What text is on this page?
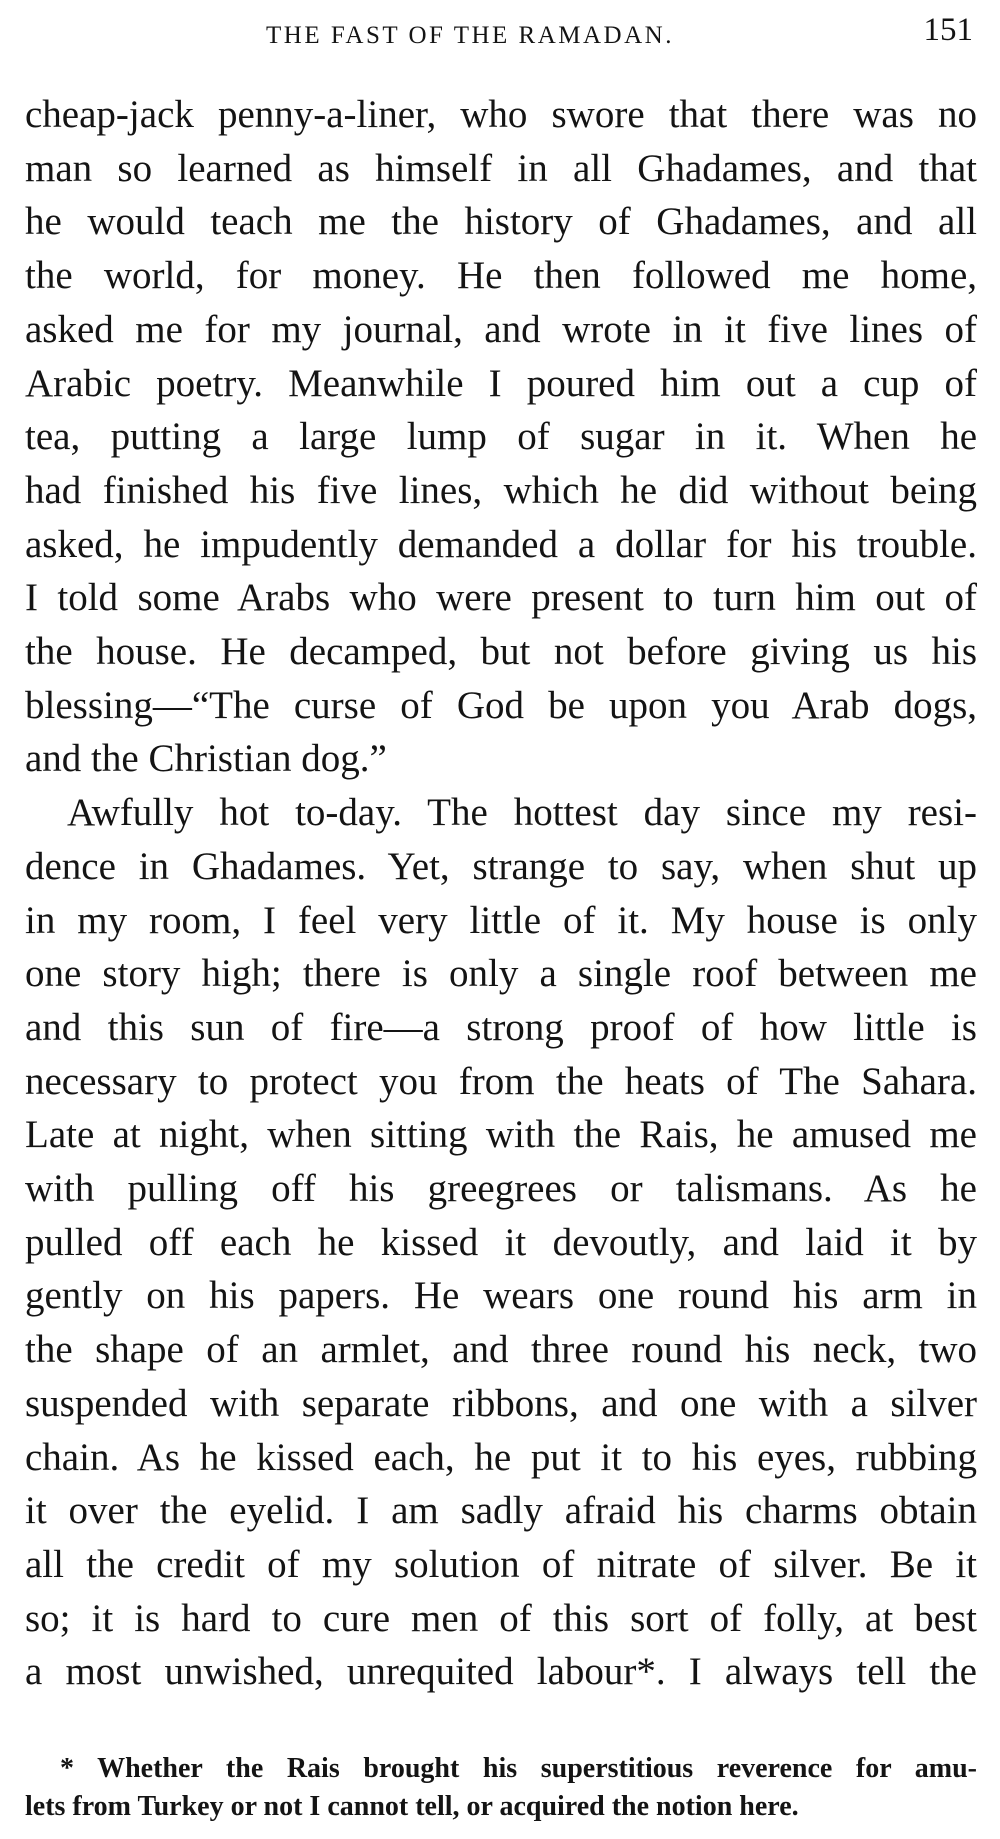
THE FAST OF THE RAMADAN.	151

cheap-jack penny-a-liner, who swore that there was no
man so learned as himself in all Ghadames, and that
he would teach me the history of Ghadames, and all
the world, for money. He then followed me home,
asked me for my journal, and wrote in it five lines of
Arabic poetry. Meanwhile I poured him out a cup of
tea, putting a large lump of sugar in it. When he
had finished his five lines, which he did without being
asked, he impudently demanded a dollar for his trouble.
I told some Arabs who were present to turn him out of
the house. He decamped, but not before giving us his
blessing—“The curse of God be upon you Arab dogs,
and the Christian dog.”

Awfully hot to-day. The hottest day since my resi-
dence in Ghadames. Yet, strange to say, when shut up
in my room, I feel very little of it. My house is only
one story high; there is only a single roof between me
and this sun of fire—a strong proof of how little is
necessary to protect you from the heats of The Sahara.
Late at night, when sitting with the Rais, he amused me
with pulling off his greegrees or talismans. As he
pulled off each he kissed it devoutly, and laid it by
gently on his papers. He wears one round his arm in
the shape of an armlet, and three round his neck, two
suspended with separate ribbons, and one with a silver
chain. As he kissed each, he put it to his eyes, rubbing
it over the eyelid. I am sadly afraid his charms obtain
all the credit of my solution of nitrate of silver. Be it
so; it is hard to cure men of this sort of folly, at best
a most unwished, unrequited labour*. I always tell the

* Whether the Rais brought his superstitious reverence for amu-
lets from Turkey or not I cannot tell, or acquired the notion here.
